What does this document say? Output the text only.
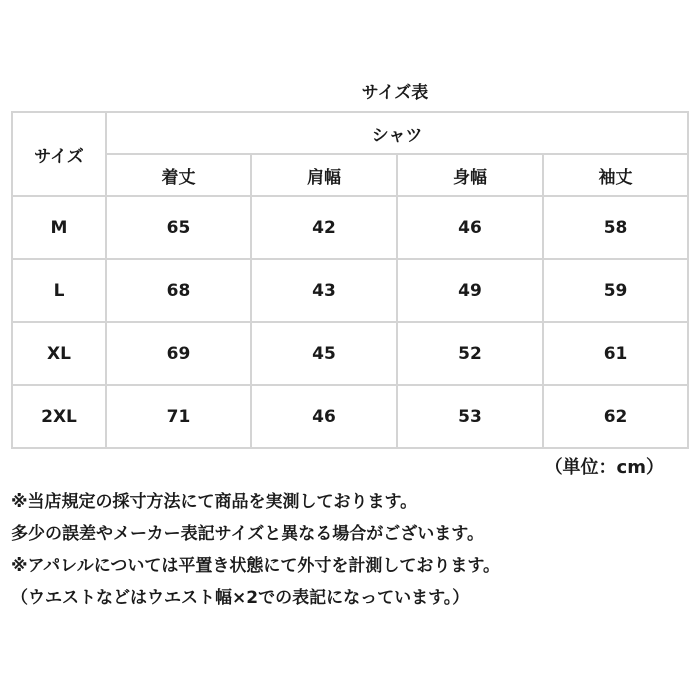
サイズ表
サイズ	シャツ			
	着丈	肩幅	身幅	袖丈
M	65	42	46	58
L	68	43	49	59
XL	69	45	52	61
2XL	71	46	53	62
（単位：cm）
※当店規定の採寸方法にて商品を実測しております。
多少の誤差やメーカー表記サイズと異なる場合がございます。
※アパレルについては平置き状態にて外寸を計測しております。
（ウエストなどはウエスト幅×2での表記になっています。）
